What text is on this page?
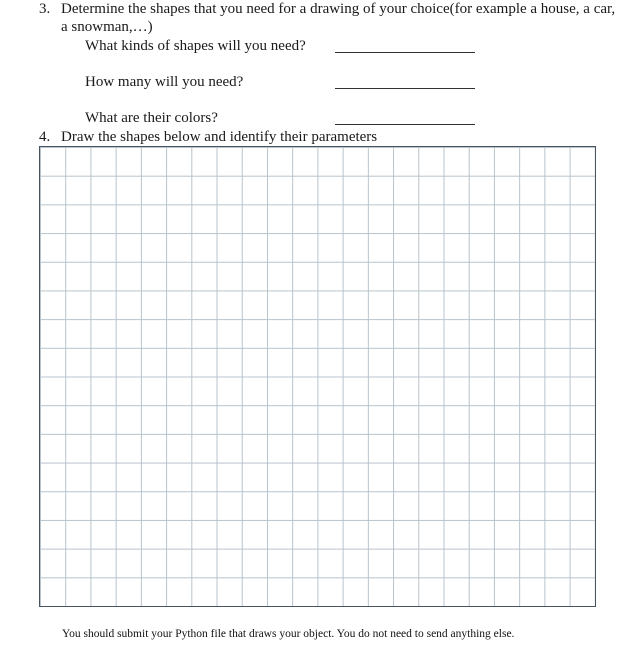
3. Determine the shapes that you need for a drawing of your choice(for example a house, a car,
a snowman,…)
What kinds of shapes will you need?
How many will you need?
What are their colors?
4. Draw the shapes below and identify their parameters
You should submit your Python file that draws your object. You do not need to send anything else.
